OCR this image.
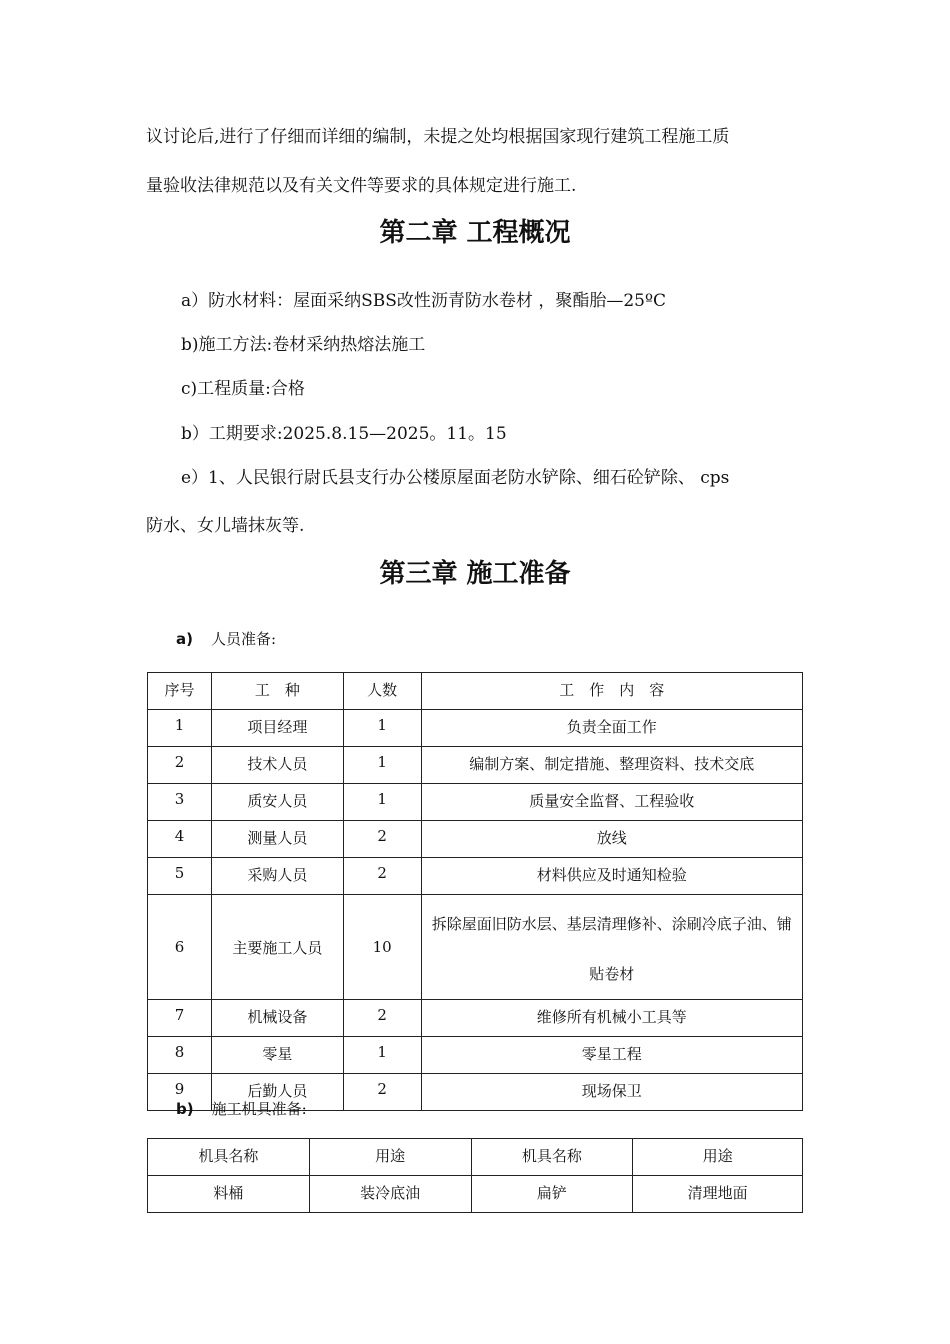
议讨论后,进行了仔细而详细的编制，未提之处均根据国家现行建筑工程施工质
量验收法律规范以及有关文件等要求的具体规定进行施工.
第二章 工程概况
a）防水材料：屋面采纳SBS改性沥青防水卷材 ，聚酯胎—25ºC
b)施工方法:卷材采纳热熔法施工
c)工程质量:合格
b）工期要求:2025.8.15—2025。11。15
e）1、人民银行尉氏县支行办公楼原屋面老防水铲除、细石砼铲除、 cps
防水、女儿墙抹灰等.
第三章 施工准备
a) 人员准备:
序号	工　种	人数	工　作　内　容
1	项目经理	1	负责全面工作
2	技术人员	1	编制方案、制定措施、整理资料、技术交底
3	质安人员	1	质量安全监督、工程验收
4	测量人员	2	放线
5	采购人员	2	材料供应及时通知检验
6	主要施工人员	10	拆除屋面旧防水层、基层清理修补、涂刷冷底子油、铺贴卷材
7	机械设备	2	维修所有机械小工具等
8	零星	1	零星工程
9	后勤人员	2	现场保卫
b) 施工机具准备:
机具名称	用途	机具名称	用途
料桶	装冷底油	扁铲	清理地面
